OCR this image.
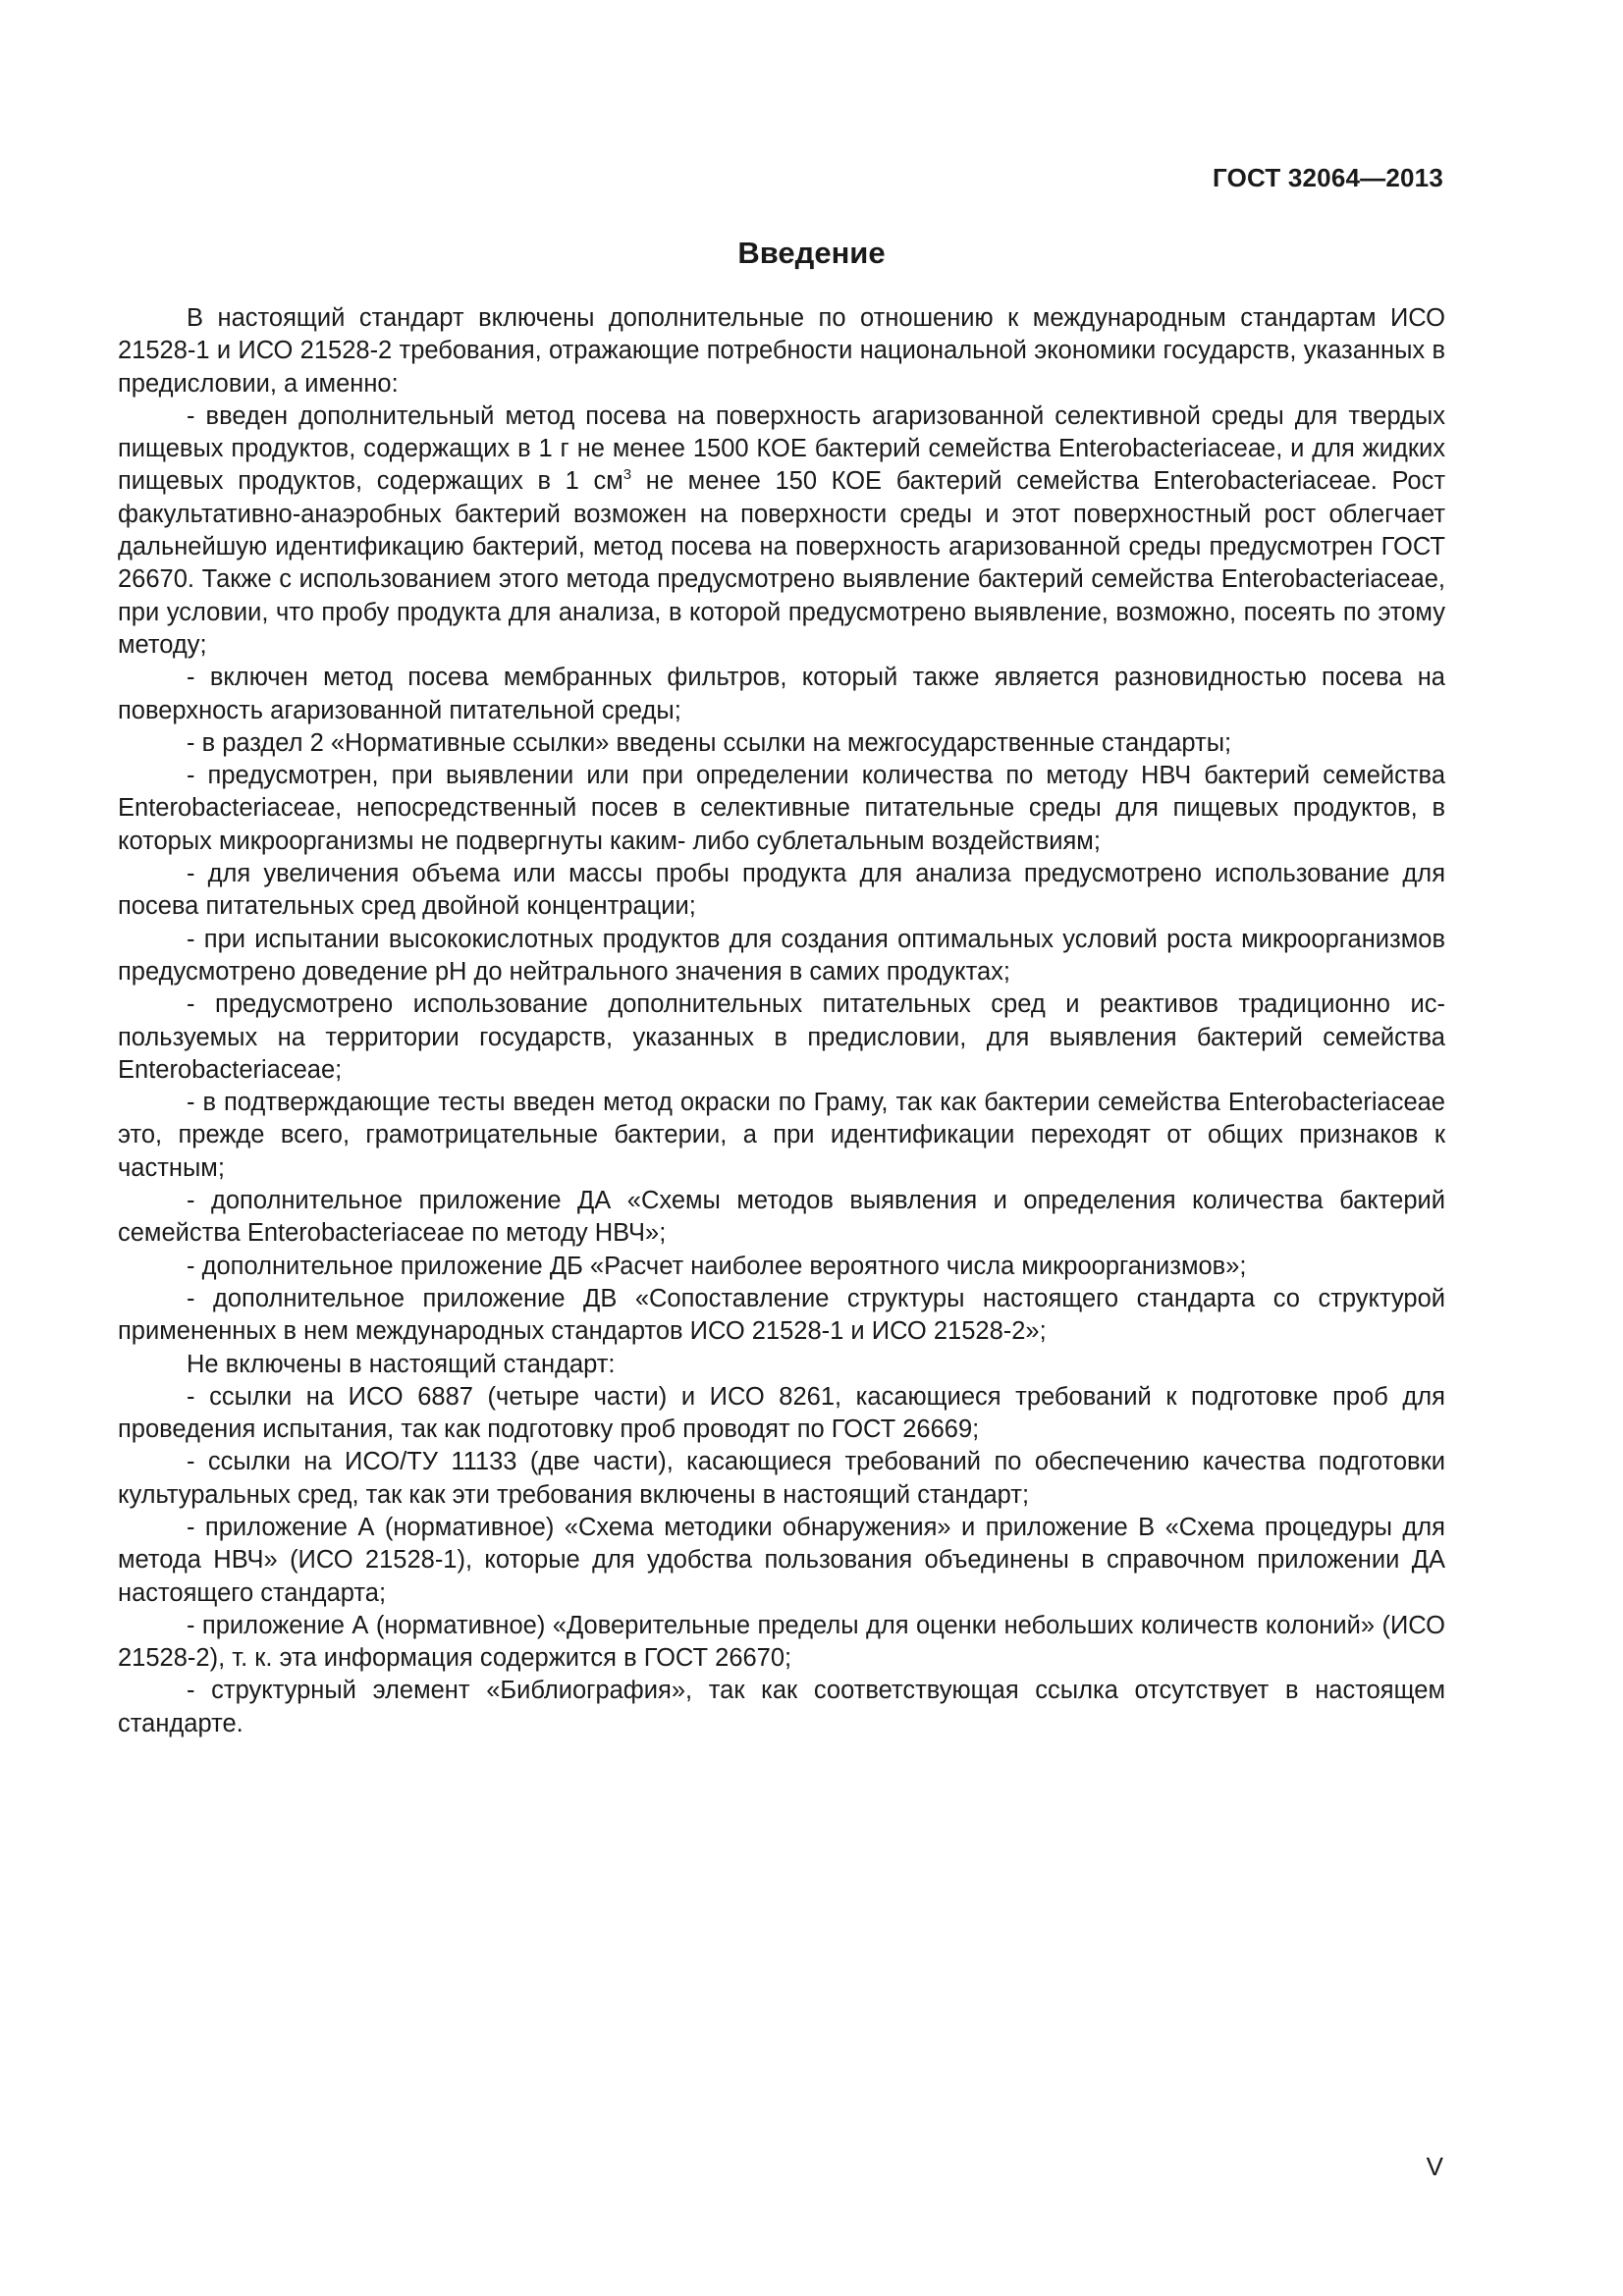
ГОСТ 32064—2013
Введение

В настоящий стандарт включены дополнительные по отношению к международным стандартам ИСО 21528-1 и ИСО 21528-2 требования, отражающие потребности национальной экономики государств, указанных в предисловии, а именно:

- введен дополнительный метод посева на поверхность агаризованной селективной среды для твердых пищевых продуктов, содержащих в 1 г не менее 1500 КОЕ бактерий семейства Enterobacteriaceae, и для жидких пищевых продуктов, содержащих в 1 $см^3$ не менее 150 КОЕ бактерий семейства Enterobacteriaceae. Рост факультативно-анаэробных бактерий возможен на поверхности среды и этот поверхностный рост облегчает дальнейшую идентификацию бактерий, метод посева на поверхность агаризованной среды предусмотрен ГОСТ 26670. Также с использованием этого метода предусмотрено выявление бактерий семейства Enterobacteriaceae, при условии, что пробу продукта для анализа, в которой предусмотрено выявление, возможно, посеять по этому методу;

- включен метод посева мембранных фильтров, который также является разновидностью посева на поверхность агаризованной питательной среды;

- в раздел 2 «Нормативные ссылки» введены ссылки на межгосударственные стандарты;

- предусмотрен, при выявлении или при определении количества по методу НВЧ бактерий семейства Enterobacteriaceae, непосредственный посев в селективные питательные среды для пищевых продуктов, в которых микроорганизмы не подвергнуты каким- либо сублетальным воздействиям;

- для увеличения объема или массы пробы продукта для анализа предусмотрено использование для посева питательных сред двойной концентрации;

- при испытании высококислотных продуктов для создания оптимальных условий роста микроорганизмов предусмотрено доведение рН до нейтрального значения в самих продуктах;

- предусмотрено использование дополнительных питательных сред и реактивов традиционно используемых на территории государств, указанных в предисловии, для выявления бактерий семейства Enterobacteriaceae;

- в подтверждающие тесты введен метод окраски по Граму, так как бактерии семейства Enterobacteriaceae это, прежде всего, грамотрицательные бактерии, а при идентификации переходят от общих признаков к частным;

- дополнительное приложение ДА «Схемы методов выявления и определения количества бактерий семейства Enterobacteriaceae по методу НВЧ»;

- дополнительное приложение ДБ «Расчет наиболее вероятного числа микроорганизмов»;

- дополнительное приложение ДВ «Сопоставление структуры настоящего стандарта со структурой примененных в нем международных стандартов ИСО 21528-1 и ИСО 21528-2»;

Не включены в настоящий стандарт:

- ссылки на ИСО 6887 (четыре части) и ИСО 8261, касающиеся требований к подготовке проб для проведения испытания, так как подготовку проб проводят по ГОСТ 26669;

- ссылки на ИСО/ТУ 11133 (две части), касающиеся требований по обеспечению качества подготовки культуральных сред, так как эти требования включены в настоящий стандарт;

- приложение А (нормативное) «Схема методики обнаружения» и приложение В «Схема процедуры для метода НВЧ» (ИСО 21528-1), которые для удобства пользования объединены в справочном приложении ДА настоящего стандарта;

- приложение А (нормативное) «Доверительные пределы для оценки небольших количеств колоний» (ИСО 21528-2), т. к. эта информация содержится в ГОСТ 26670;

- структурный элемент «Библиография», так как соответствующая ссылка отсутствует в настоящем стандарте.

V
